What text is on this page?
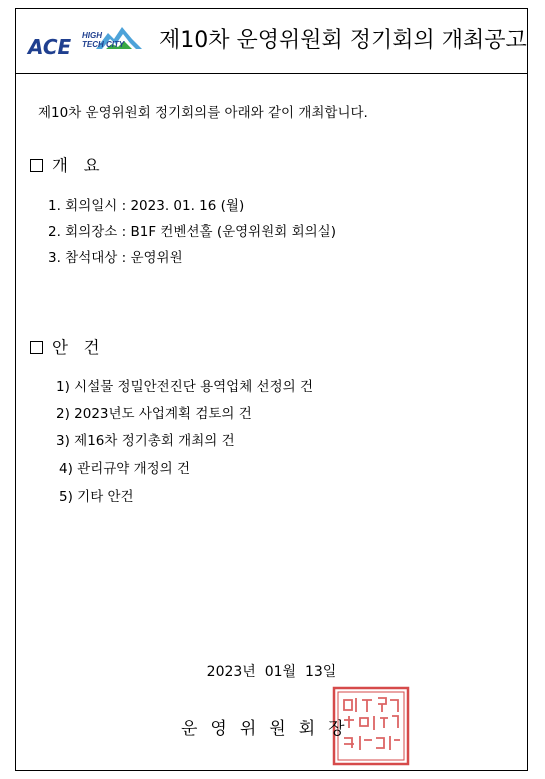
ACE HIGH
TECH CITY 제10차 운영위원회 정기회의 개최공고
제10차 운영위원회 정기회의를 아래와 같이 개최합니다.
개   요
1. 회의일시 : 2023. 01. 16 (월)
2. 회의장소 : B1F 컨벤션홀 (운영위원회 회의실)
3. 참석대상 : 운영위원
안   건
1) 시설물 정밀안전진단 용역업체 선정의 건
2) 2023년도 사업계획 검토의 건
3) 제16차 정기총회 개최의 건
4) 관리규약 개정의 건
5) 기타 안건
2023년  01월  13일
운영위원회장
